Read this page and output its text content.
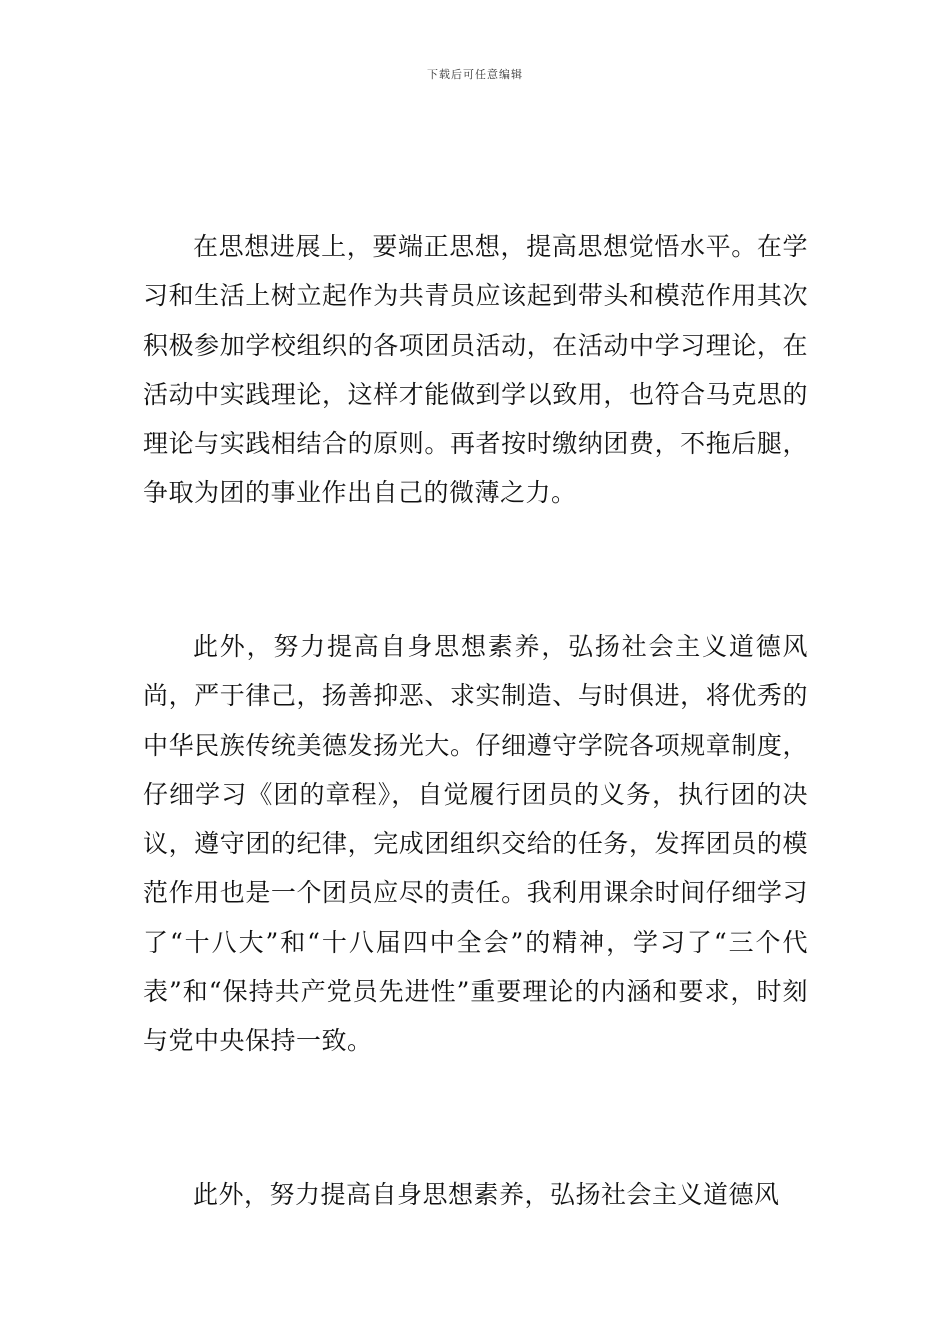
下载后可任意编辑

在思想进展上，要端正思想，提高思想觉悟水平。在学习和生活上树立起作为共青员应该起到带头和模范作用其次积极参加学校组织的各项团员活动，在活动中学习理论，在活动中实践理论，这样才能做到学以致用，也符合马克思的理论与实践相结合的原则。再者按时缴纳团费，不拖后腿，争取为团的事业作出自己的微薄之力。

此外，努力提高自身思想素养，弘扬社会主义道德风尚，严于律己，扬善抑恶、求实制造、与时俱进，将优秀的中华民族传统美德发扬光大。仔细遵守学院各项规章制度，仔细学习《团的章程》，自觉履行团员的义务，执行团的决议，遵守团的纪律，完成团组织交给的任务，发挥团员的模范作用也是一个团员应尽的责任。我利用课余时间仔细学习了“十八大”和“十八届四中全会”的精神，学习了“三个代表”和“保持共产党员先进性”重要理论的内涵和要求，时刻与党中央保持一致。

此外，努力提高自身思想素养，弘扬社会主义道德风
